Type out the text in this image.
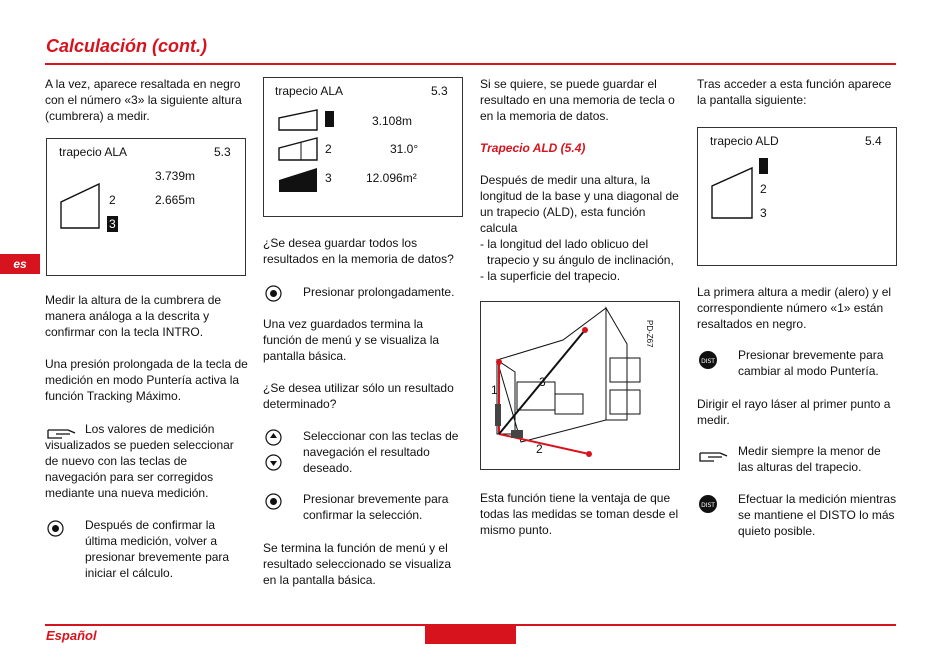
Calculación (cont.)
es

A la vez, aparece resaltada en negro con el número «3» la siguiente altura (cumbrera) a medir.

trapecio ALA	5.3
3.739m
2	2.665m
3

Medir la altura de la cumbrera de manera análoga a la descrita y confirmar con la tecla INTRO.

Una presión prolongada de la tecla de medición en modo Puntería activa la función Tracking Máximo.

Los valores de medición visualizados se pueden seleccionar de nuevo con las teclas de navegación para ser corregidos mediante una nueva medición.

Después de confirmar la última medición, volver a presionar brevemente para iniciar el cálculo.

trapecio ALA	5.3
3.108m
2	31.0°
3	12.096m²

¿Se desea guardar todos los resultados en la memoria de datos?

Presionar prolongadamente.

Una vez guardados termina la función de menú y se visualiza la pantalla básica.

¿Se desea utilizar sólo un resultado determinado?

Seleccionar con las teclas de navegación el resultado deseado.
Presionar brevemente para confirmar la selección.

Se termina la función de menú y el resultado seleccionado se visualiza en la pantalla básica.

Si se quiere, se puede guardar el resultado en una memoria de tecla o en la memoria de datos.

Trapecio ALD (5.4)

Después de medir una altura, la longitud de la base y una diagonal de un trapecio (ALD), esta función calcula

- la longitud del lado oblicuo del

trapecio y su ángulo de inclinación,

- la superficie del trapecio.

1
2
3
PD-Z67

Esta función tiene la ventaja de que todas las medidas se toman desde el mismo punto.

Tras acceder a esta función aparece la pantalla siguiente:

trapecio ALD	5.4
2
3

La primera altura a medir (alero) y el correspondiente número «1» están resaltados en negro.

DIST Presionar brevemente para cambiar al modo Puntería.

Dirigir el rayo láser al primer punto a medir.

Medir siempre la menor de las alturas del trapecio.
DIST Efectuar la medición mientras se mantiene el DISTO lo más quieto posible.
Español
